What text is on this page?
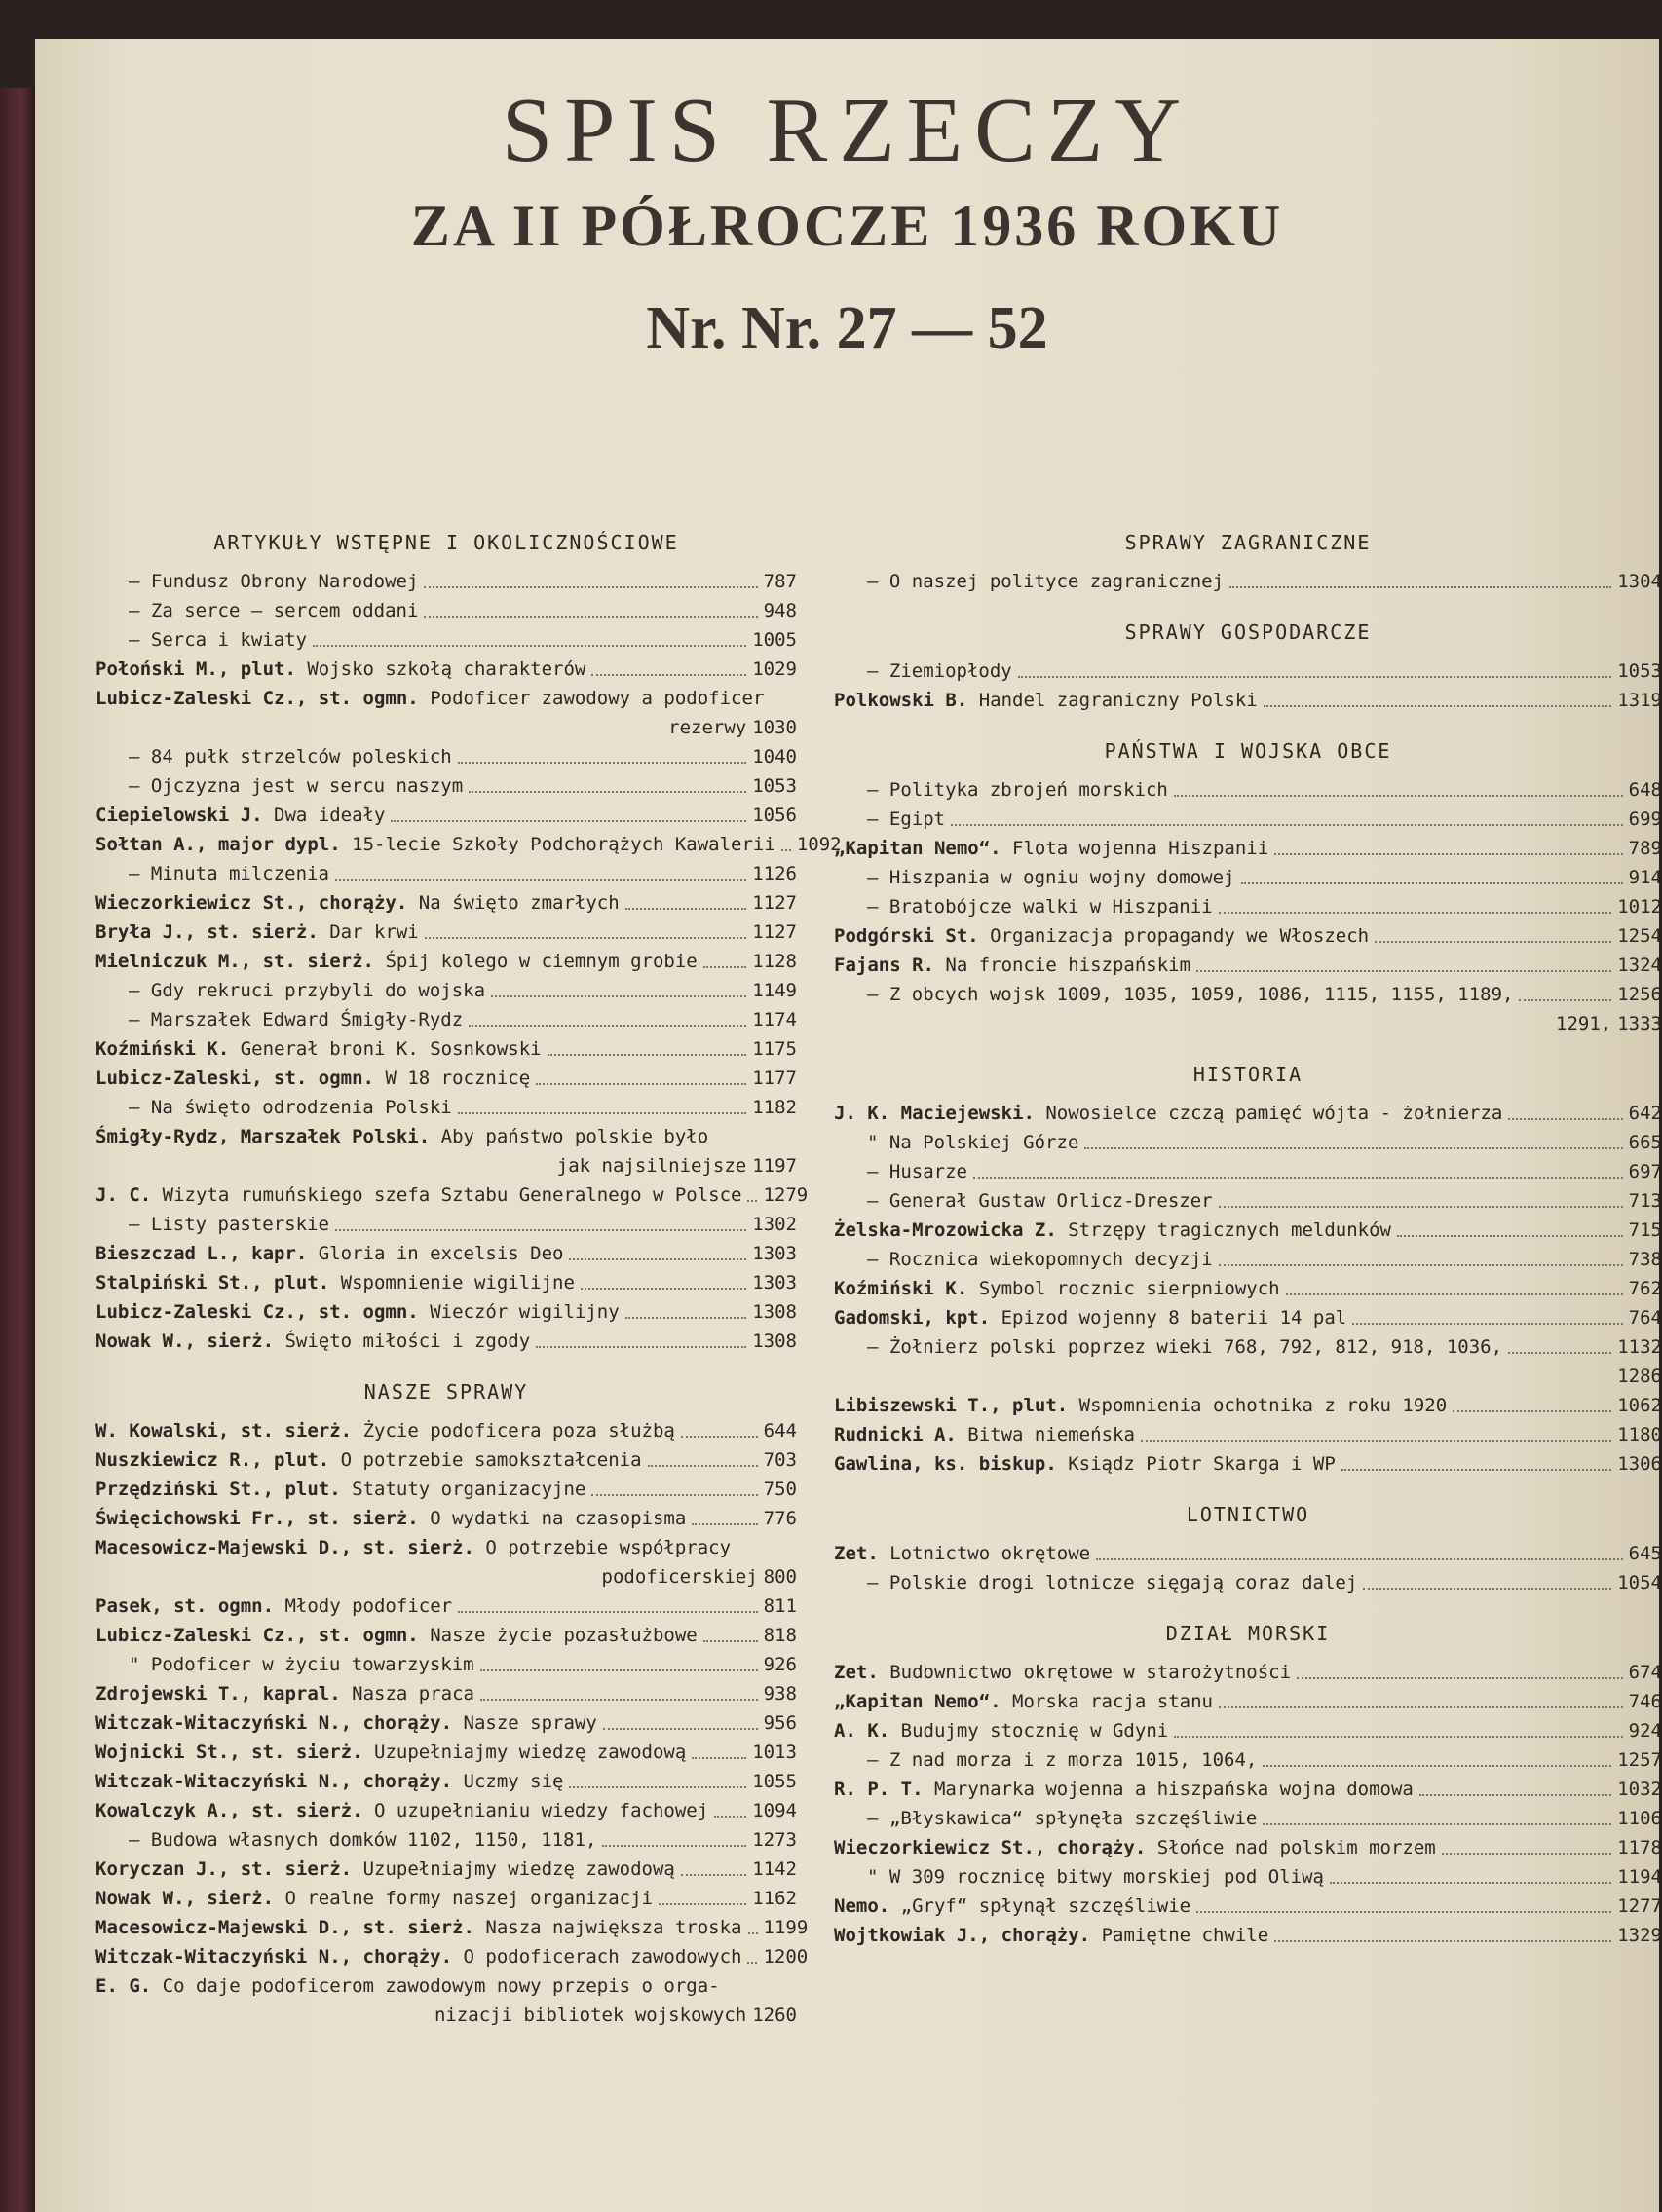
SPIS RZECZY
ZA II PÓŁROCZE 1936 ROKU
Nr. Nr. 27 — 52
ARTYKUŁY WSTĘPNE I OKOLICZNOŚCIOWE
— Fundusz Obrony Narodowej	787
— Za serce — sercem oddani	948
— Serca i kwiaty	1005
Połoński M., plut. Wojsko szkołą charakterów	1029
Lubicz-Zaleski Cz., st. ogmn. Podoficer zawodowy a podoficer
rezerwy 1030
— 84 pułk strzelców poleskich	1040
— Ojczyzna jest w sercu naszym	1053
Ciepielowski J. Dwa ideały	1056
Sołtan A., major dypl. 15-lecie Szkoły Podchorążych Kawalerii 1092
— Minuta milczenia	1126
Wieczorkiewicz St., chorąży. Na święto zmarłych	1127
Bryła J., st. sierż. Dar krwi	1127
Mielniczuk M., st. sierż. Śpij kolego w ciemnym grobie	1128
— Gdy rekruci przybyli do wojska	1149
— Marszałek Edward Śmigły-Rydz	1174
Koźmiński K. Generał broni K. Sosnkowski	1175
Lubicz-Zaleski, st. ogmn. W 18 rocznicę	1177
— Na święto odrodzenia Polski	1182
Śmigły-Rydz, Marszałek Polski. Aby państwo polskie było
jak najsilniejsze 1197
J. C. Wizyta rumuńskiego szefa Sztabu Generalnego w Polsce 1279
— Listy pasterskie	1302
Bieszczad L., kapr. Gloria in excelsis Deo	1303
Stalpiński St., plut. Wspomnienie wigilijne	1303
Lubicz-Zaleski Cz., st. ogmn. Wieczór wigilijny	1308
Nowak W., sierż. Święto miłości i zgody	1308
NASZE SPRAWY
W. Kowalski, st. sierż. Życie podoficera poza służbą	644
Nuszkiewicz R., plut. O potrzebie samokształcenia	703
Przędziński St., plut. Statuty organizacyjne	750
Święcichowski Fr., st. sierż. O wydatki na czasopisma	776
Macesowicz-Majewski D., st. sierż. O potrzebie współpracy
podoficerskiej 800
Pasek, st. ogmn. Młody podoficer	811
Lubicz-Zaleski Cz., st. ogmn. Nasze życie pozasłużbowe	818
" Podoficer w życiu towarzyskim	926
Zdrojewski T., kapral. Nasza praca	938
Witczak-Witaczyński N., chorąży. Nasze sprawy	956
Wojnicki St., st. sierż. Uzupełniajmy wiedzę zawodową	1013
Witczak-Witaczyński N., chorąży. Uczmy się	1055
Kowalczyk A., st. sierż. O uzupełnianiu wiedzy fachowej 1094
— Budowa własnych domków 1102, 1150, 1181,	1273
Koryczan J., st. sierż. Uzupełniajmy wiedzę zawodową	1142
Nowak W., sierż. O realne formy naszej organizacji	1162
Macesowicz-Majewski D., st. sierż. Nasza największa troska 1199
Witczak-Witaczyński N., chorąży. O podoficerach zawodowych 1200
E. G. Co daje podoficerom zawodowym nowy przepis o orga-
nizacji bibliotek wojskowych 1260
SPRAWY ZAGRANICZNE
— O naszej polityce zagranicznej	1304
SPRAWY GOSPODARCZE
— Ziemiopłody	1053
Polkowski B. Handel zagraniczny Polski	1319
PAŃSTWA I WOJSKA OBCE
— Polityka zbrojeń morskich	648
— Egipt	699
„Kapitan Nemo“. Flota wojenna Hiszpanii	789
— Hiszpania w ogniu wojny domowej	914
— Bratobójcze walki w Hiszpanii	1012
Podgórski St. Organizacja propagandy we Włoszech	1254
Fajans R. Na froncie hiszpańskim	1324
— Z obcych wojsk 1009, 1035, 1059, 1086, 1115, 1155, 1189,	1256
1291, 1333
HISTORIA
J. K. Maciejewski. Nowosielce czczą pamięć wójta - żołnierza	642
" Na Polskiej Górze	665
— Husarze	697
— Generał Gustaw Orlicz-Dreszer	713
Żelska-Mrozowicka Z. Strzępy tragicznych meldunków	715
— Rocznica wiekopomnych decyzji	738
Koźmiński K. Symbol rocznic sierpniowych	762
Gadomski, kpt. Epizod wojenny 8 baterii 14 pal	764
— Żołnierz polski poprzez wieki 768, 792, 812, 918, 1036,	1132
1286
Libiszewski T., plut. Wspomnienia ochotnika z roku 1920	1062
Rudnicki A. Bitwa niemeńska	1180
Gawlina, ks. biskup. Ksiądz Piotr Skarga i WP	1306
LOTNICTWO
Zet. Lotnictwo okrętowe	645
— Polskie drogi lotnicze sięgają coraz dalej	1054
DZIAŁ MORSKI
Zet. Budownictwo okrętowe w starożytności	674
„Kapitan Nemo“. Morska racja stanu	746
A. K. Budujmy stocznię w Gdyni	924
— Z nad morza i z morza 1015, 1064,	1257
R. P. T. Marynarka wojenna a hiszpańska wojna domowa	1032
— „Błyskawica“ spłynęła szczęśliwie	1106
Wieczorkiewicz St., chorąży. Słońce nad polskim morzem	1178
" W 309 rocznicę bitwy morskiej pod Oliwą	1194
Nemo. „Gryf“ spłynął szczęśliwie	1277
Wojtkowiak J., chorąży. Pamiętne chwile	1329
